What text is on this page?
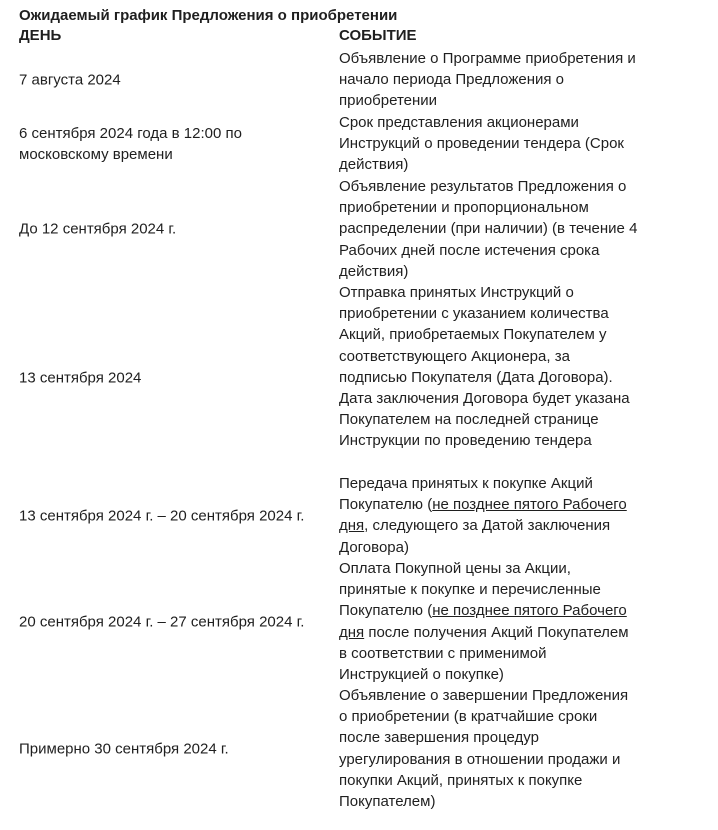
Ожидаемый график Предложения о приобретении
ДЕНЬ	СОБЫТИЕ
7 августа 2024
Объявление о Программе приобретения и начало периода Предложения о приобретении
6 сентября 2024 года в 12:00 по московскому времени
Срок представления акционерами Инструкций о проведении тендера (Срок действия)
До 12 сентября 2024 г.
Объявление результатов Предложения о приобретении и пропорциональном распределении (при наличии) (в течение 4 Рабочих дней после истечения срока действия)
13 сентября 2024
Отправка принятых Инструкций о приобретении с указанием количества Акций, приобретаемых Покупателем у соответствующего Акционера, за подписью Покупателя (Дата Договора). Дата заключения Договора будет указана Покупателем на последней странице Инструкции по проведению тендера
13 сентября 2024 г. – 20 сентября 2024 г.
Передача принятых к покупке Акций Покупателю (не позднее пятого Рабочего дня, следующего за Датой заключения Договора)
20 сентября 2024 г. – 27 сентября 2024 г.
Оплата Покупной цены за Акции, принятые к покупке и перечисленные Покупателю (не позднее пятого Рабочего дня после получения Акций Покупателем в соответствии с применимой Инструкцией о покупке)
Примерно 30 сентября 2024 г.
Объявление о завершении Предложения о приобретении (в кратчайшие сроки после завершения процедур урегулирования в отношении продажи и покупки Акций, принятых к покупке Покупателем)
